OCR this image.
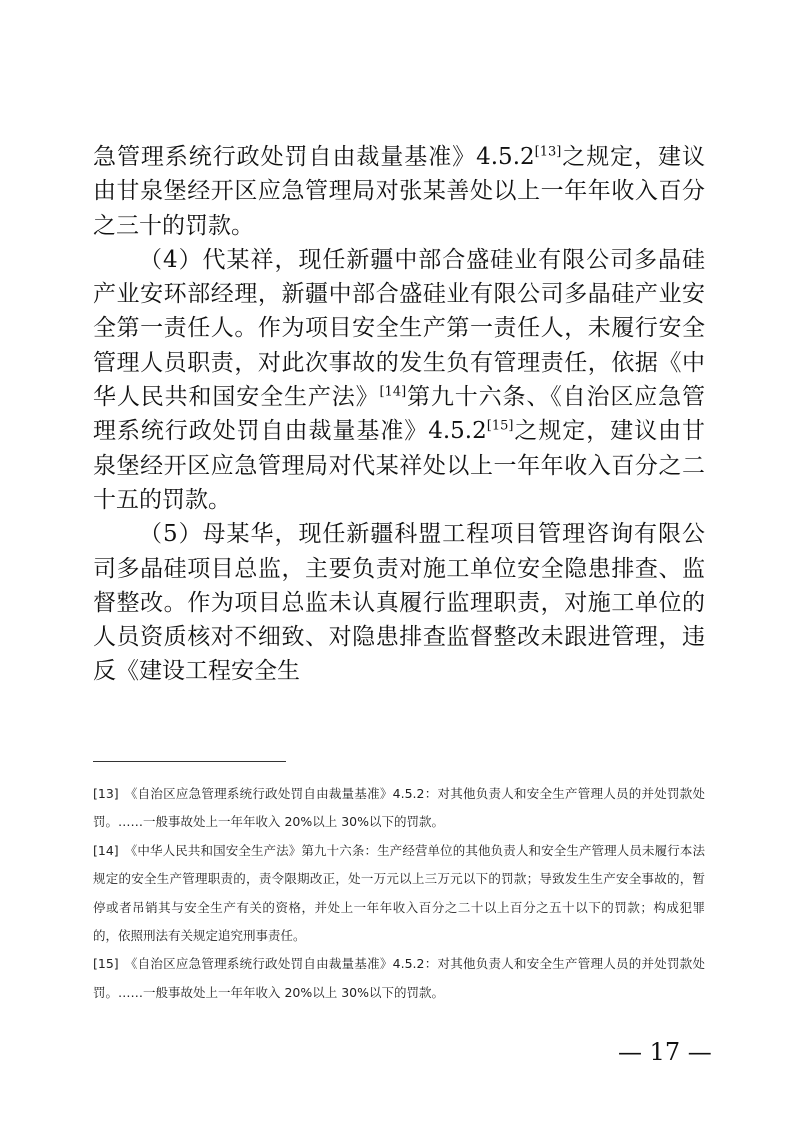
急管理系统行政处罚自由裁量基准》4.5.2[13]之规定，建议由甘泉堡经开区应急管理局对张某善处以上一年年收入百分之三十的罚款。

（4）代某祥，现任新疆中部合盛硅业有限公司多晶硅产业安环部经理，新疆中部合盛硅业有限公司多晶硅产业安全第一责任人。作为项目安全生产第一责任人，未履行安全管理人员职责，对此次事故的发生负有管理责任，依据《中华人民共和国安全生产法》[14]第九十六条、《自治区应急管理系统行政处罚自由裁量基准》4.5.2[15]之规定，建议由甘泉堡经开区应急管理局对代某祥处以上一年年收入百分之二十五的罚款。

（5）母某华，现任新疆科盟工程项目管理咨询有限公司多晶硅项目总监，主要负责对施工单位安全隐患排查、监督整改。作为项目总监未认真履行监理职责，对施工单位的人员资质核对不细致、对隐患排查监督整改未跟进管理，违反《建设工程安全生

[13] 《自治区应急管理系统行政处罚自由裁量基准》4.5.2：对其他负责人和安全生产管理人员的并处罚款处罚。……一般事故处上一年年收入 20%以上 30%以下的罚款。

[14] 《中华人民共和国安全生产法》第九十六条：生产经营单位的其他负责人和安全生产管理人员未履行本法规定的安全生产管理职责的，责令限期改正，处一万元以上三万元以下的罚款；导致发生生产安全事故的，暂停或者吊销其与安全生产有关的资格，并处上一年年收入百分之二十以上百分之五十以下的罚款；构成犯罪的，依照刑法有关规定追究刑事责任。

[15] 《自治区应急管理系统行政处罚自由裁量基准》4.5.2：对其他负责人和安全生产管理人员的并处罚款处罚。……一般事故处上一年年收入 20%以上 30%以下的罚款。

— 17 —
